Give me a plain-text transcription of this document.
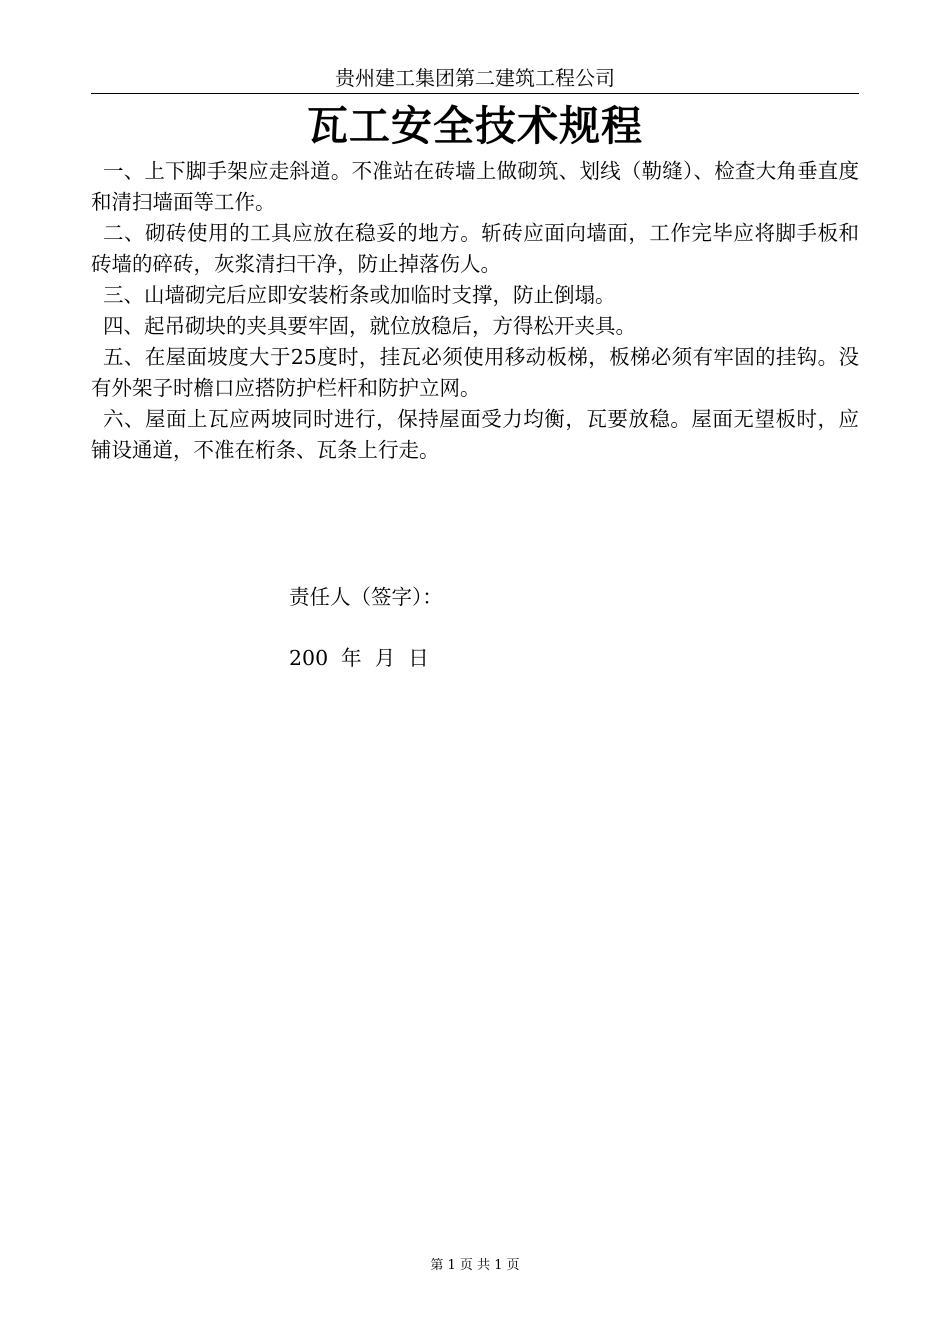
贵州建工集团第二建筑工程公司
瓦工安全技术规程

一、上下脚手架应走斜道。不准站在砖墙上做砌筑、划线（勒缝）、检查大角垂直度和清扫墙面等工作。

二、砌砖使用的工具应放在稳妥的地方。斩砖应面向墙面，工作完毕应将脚手板和砖墙的碎砖，灰浆清扫干净，防止掉落伤人。

三、山墙砌完后应即安装桁条或加临时支撑，防止倒塌。

四、起吊砌块的夹具要牢固，就位放稳后，方得松开夹具。

五、在屋面坡度大于25度时，挂瓦必须使用移动板梯，板梯必须有牢固的挂钩。没有外架子时檐口应搭防护栏杆和防护立网。

六、屋面上瓦应两坡同时进行，保持屋面受力均衡，瓦要放稳。屋面无望板时，应铺设通道，不准在桁条、瓦条上行走。

责任人（签字）：
200  年  月  日
第 1 页 共 1 页
